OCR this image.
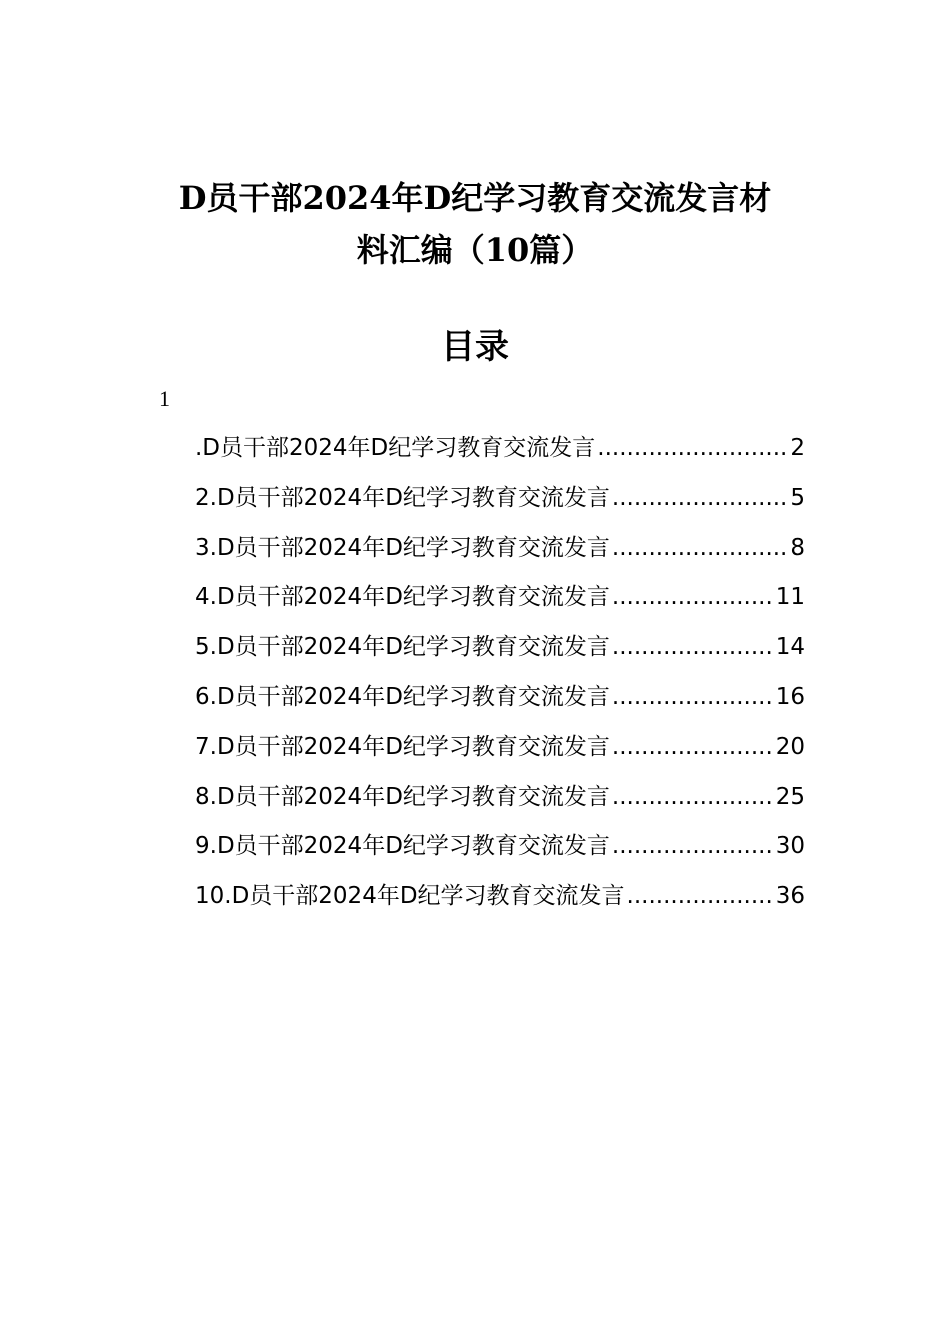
D员干部2024年D纪学习教育交流发言材
料汇编（10篇）
目录
1
.D员干部2024年D纪学习教育交流发言 .....	2
2.D员干部2024年D纪学习教育交流发言 .....	5
3.D员干部2024年D纪学习教育交流发言 .....	8
4.D员干部2024年D纪学习教育交流发言 .....	11
5.D员干部2024年D纪学习教育交流发言 .....	14
6.D员干部2024年D纪学习教育交流发言 .....	16
7.D员干部2024年D纪学习教育交流发言 .....	20
8.D员干部2024年D纪学习教育交流发言 .....	25
9.D员干部2024年D纪学习教育交流发言 .....	30
10.D员干部2024年D纪学习教育交流发言 .....	36
